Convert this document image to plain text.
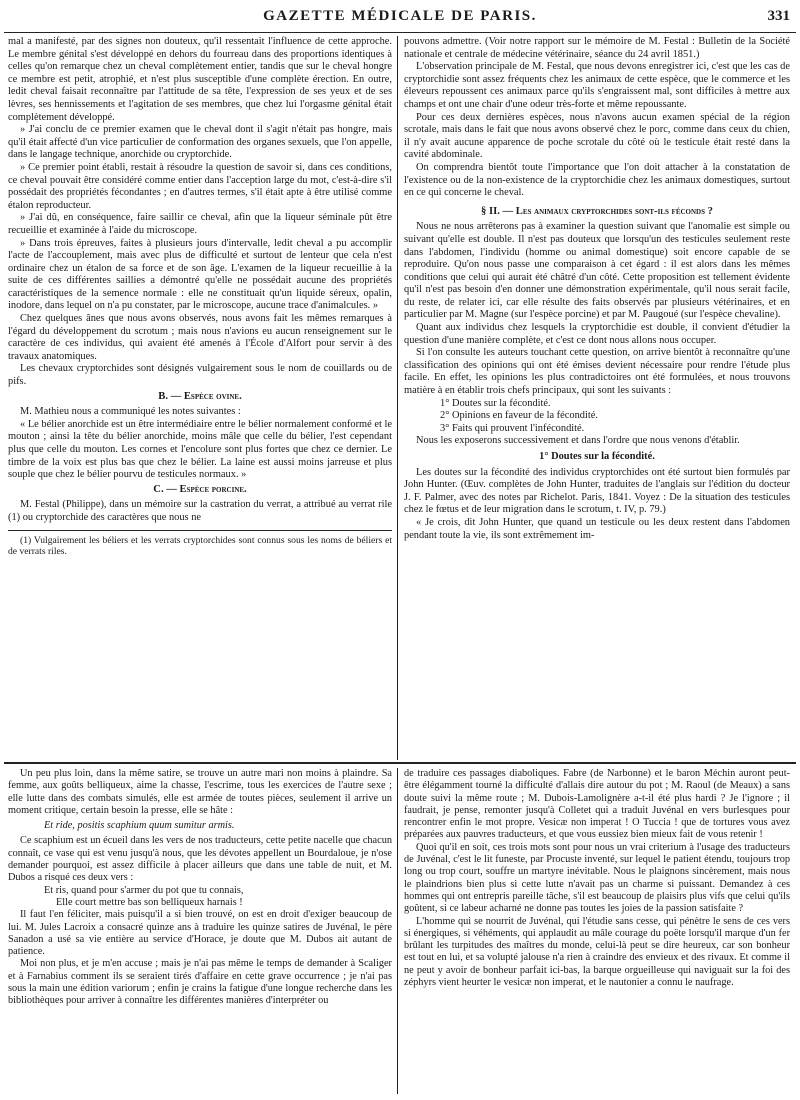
GAZETTE MÉDICALE DE PARIS.	331

mal a manifesté, par des signes non douteux, qu'il ressentait l'influence de cette approche. Le membre génital s'est développé en dehors du fourreau dans des proportions identiques à celles qu'on remarque chez un cheval complètement entier, tandis que sur le cheval hongre ce membre est petit, atrophié, et n'est plus susceptible d'une complète érection. En outre, ledit cheval faisait reconnaître par l'attitude de sa tête, l'expression de ses yeux et de ses lèvres, ses hennissements et l'agitation de ses membres, que chez lui l'orgasme génital était complètement développé.

» J'ai conclu de ce premier examen que le cheval dont il s'agit n'était pas hongre, mais qu'il était affecté d'un vice particulier de conformation des organes sexuels, que l'on appelle, dans le langage technique, anorchide ou cryptorchide.

» Ce premier point établi, restait à résoudre la question de savoir si, dans ces conditions, ce cheval pouvait être considéré comme entier dans l'acception large du mot, c'est-à-dire s'il possédait des propriétés fécondantes ; en d'autres termes, s'il était apte à être utilisé comme étalon reproducteur.

» J'ai dû, en conséquence, faire saillir ce cheval, afin que la liqueur séminale pût être recueillie et examinée à l'aide du microscope.

» Dans trois épreuves, faites à plusieurs jours d'intervalle, ledit cheval a pu accomplir l'acte de l'accouplement, mais avec plus de difficulté et surtout de lenteur que cela n'est ordinaire chez un étalon de sa force et de son âge. L'examen de la liqueur recueillie à la suite de ces différentes saillies a démontré qu'elle ne possédait aucune des propriétés caractéristiques de la semence normale : elle ne constituait qu'un liquide séreux, opalin, inodore, dans lequel on n'a pu constater, par le microscope, aucune trace d'animalcules. »

Chez quelques ânes que nous avons observés, nous avons fait les mêmes remarques à l'égard du développement du scrotum ; mais nous n'avions eu aucun renseignement sur le caractère de ces individus, qui avaient été amenés à l'École d'Alfort pour servir à des travaux anatomiques.

Les chevaux cryptorchides sont désignés vulgairement sous le nom de couillards ou de pifs.

B. — Espèce ovine.

M. Mathieu nous a communiqué les notes suivantes :

« Le bélier anorchide est un être intermédiaire entre le bélier normalement conformé et le mouton ; ainsi la tête du bélier anorchide, moins mâle que celle du bélier, l'est cependant plus que celle du mouton. Les cornes et l'encolure sont plus fortes que chez ce dernier. Le timbre de la voix est plus bas que chez le bélier. La laine est aussi moins jarreuse et plus souple que chez le bélier pourvu de testicules normaux. »

C. — Espèce porcine.

M. Festal (Philippe), dans un mémoire sur la castration du verrat, a attribué au verrat rile (1) ou cryptorchide des caractères que nous ne

(1) Vulgairement les béliers et les verrats cryptorchides sont connus sous les noms de béliers et de verrats riles.

pouvons admettre. (Voir notre rapport sur le mémoire de M. Festal : Bulletin de la Société nationale et centrale de médecine vétérinaire, séance du 24 avril 1851.)

L'observation principale de M. Festal, que nous devons enregistrer ici, c'est que les cas de cryptorchidie sont assez fréquents chez les animaux de cette espèce, que le commerce et les éleveurs repoussent ces animaux parce qu'ils s'engraissent mal, sont difficiles à mettre aux champs et ont une chair d'une odeur très-forte et même repoussante.

Pour ces deux dernières espèces, nous n'avons aucun examen spécial de la région scrotale, mais dans le fait que nous avons observé chez le porc, comme dans ceux du chien, il n'y avait aucune apparence de poche scrotale du côté où le testicule était resté dans la cavité abdominale.

On comprendra bientôt toute l'importance que l'on doit attacher à la constatation de l'existence ou de la non-existence de la cryptorchidie chez les animaux domestiques, surtout en ce qui concerne le cheval.

§ II. — Les animaux cryptorchides sont-ils féconds ?

Nous ne nous arrêterons pas à examiner la question suivant que l'anomalie est simple ou suivant qu'elle est double. Il n'est pas douteux que lorsqu'un des testicules seulement reste dans l'abdomen, l'individu (homme ou animal domestique) soit encore capable de se reproduire. Qu'on nous passe une comparaison à cet égard : il est alors dans les mêmes conditions que celui qui aurait été châtré d'un côté. Cette proposition est tellement évidente qu'il n'est pas besoin d'en donner une démonstration expérimentale, qu'il nous serait facile, du reste, de relater ici, car elle résulte des faits observés par plusieurs vétérinaires, et en particulier par M. Magne (sur l'espèce porcine) et par M. Paugoué (sur l'espèce chevaline).

Quant aux individus chez lesquels la cryptorchidie est double, il convient d'étudier la question d'une manière complète, et c'est ce dont nous allons nous occuper.

Si l'on consulte les auteurs touchant cette question, on arrive bientôt à reconnaître qu'une classification des opinions qui ont été émises devient nécessaire pour rendre l'étude plus facile. En effet, les opinions les plus contradictoires ont été formulées, et nous trouvons matière à en établir trois chefs principaux, qui sont les suivants :

1° Doutes sur la fécondité.

2° Opinions en faveur de la fécondité.

3° Faits qui prouvent l'infécondité.

Nous les exposerons successivement et dans l'ordre que nous venons d'établir.

1° Doutes sur la fécondité.

Les doutes sur la fécondité des individus cryptorchides ont été surtout bien formulés par John Hunter. (Œuv. complètes de John Hunter, traduites de l'anglais sur l'édition du docteur J. F. Palmer, avec des notes par Richelot. Paris, 1841. Voyez : De la situation des testicules chez le fœtus et de leur migration dans le scrotum, t. IV, p. 79.)

« Je crois, dit John Hunter, que quand un testicule ou les deux restent dans l'abdomen pendant toute la vie, ils sont extrêmement im-

Un peu plus loin, dans la même satire, se trouve un autre mari non moins à plaindre. Sa femme, aux goûts belliqueux, aime la chasse, l'escrime, tous les exercices de l'autre sexe ; elle lutte dans des combats simulés, elle est armée de toutes pièces, seulement il arrive un moment critique, certain besoin la presse, elle se hâte :

Et ride, positis scaphium quum sumitur armis.

Ce scaphium est un écueil dans les vers de nos traducteurs, cette petite nacelle que chacun connaît, ce vase qui est venu jusqu'à nous, que les dévotes appellent un Bourdaloue, je n'ose demander pourquoi, est assez difficile à placer ailleurs que dans une table de nuit, et M. Dubos a risqué ces deux vers :

Et ris, quand pour s'armer du pot que tu connais,

Elle court mettre bas son belliqueux harnais !

Il faut l'en féliciter, mais puisqu'il a si bien trouvé, on est en droit d'exiger beaucoup de lui. M. Jules Lacroix a consacré quinze ans à traduire les quinze satires de Juvénal, le père Sanadon a usé sa vie entière au service d'Horace, je doute que M. Dubos ait autant de patience.

Moi non plus, et je m'en accuse ; mais je n'ai pas même le temps de demander à Scaliger et à Farnabius comment ils se seraient tirés d'affaire en cette grave occurrence ; je n'ai pas sous la main une édition variorum ; enfin je crains la fatigue d'une longue recherche dans les bibliothèques pour arriver à connaître les différentes manières d'interpréter ou

de traduire ces passages diaboliques. Fabre (de Narbonne) et le baron Méchin auront peut-être élégamment tourné la difficulté d'allais dire autour du pot ; M. Raoul (de Meaux) a sans doute suivi la même route ; M. Dubois-Lamolignère a-t-il été plus hardi ? Je l'ignore ; il faudrait, je pense, remonter jusqu'à Colletet qui a traduit Juvénal en vers burlesques pour rencontrer enfin le mot propre. Vesicæ non imperat ! O Tuccia ! que de tortures vous avez préparées aux pauvres traducteurs, et que vous eussiez bien mieux fait de vous retenir !

Quoi qu'il en soit, ces trois mots sont pour nous un vrai criterium à l'usage des traducteurs de Juvénal, c'est le lit funeste, par Procuste inventé, sur lequel le patient étendu, toujours trop long ou trop court, souffre un martyre inévitable. Nous le plaignons sincèrement, mais nous le plaindrions bien plus si cette lutte n'avait pas un charme si puissant. Demandez à ces hommes qui ont entrepris pareille tâche, s'il est beaucoup de plaisirs plus vifs que celui qu'ils goûtent, si ce labeur acharné ne donne pas toutes les joies de la passion satisfaite ?

L'homme qui se nourrit de Juvénal, qui l'étudie sans cesse, qui pénètre le sens de ces vers si énergiques, si véhéments, qui applaudit au mâle courage du poëte lorsqu'il marque d'un fer brûlant les turpitudes des maîtres du monde, celui-là peut se dire heureux, car son bonheur est tout en lui, et sa volupté jalouse n'a rien à craindre des envieux et des rivaux. Et comme il ne peut y avoir de bonheur parfait ici-bas, la barque orgueilleuse qui naviguait sur la foi des zéphyrs vient heurter le vesicæ non imperat, et le nautonier a connu le naufrage.
